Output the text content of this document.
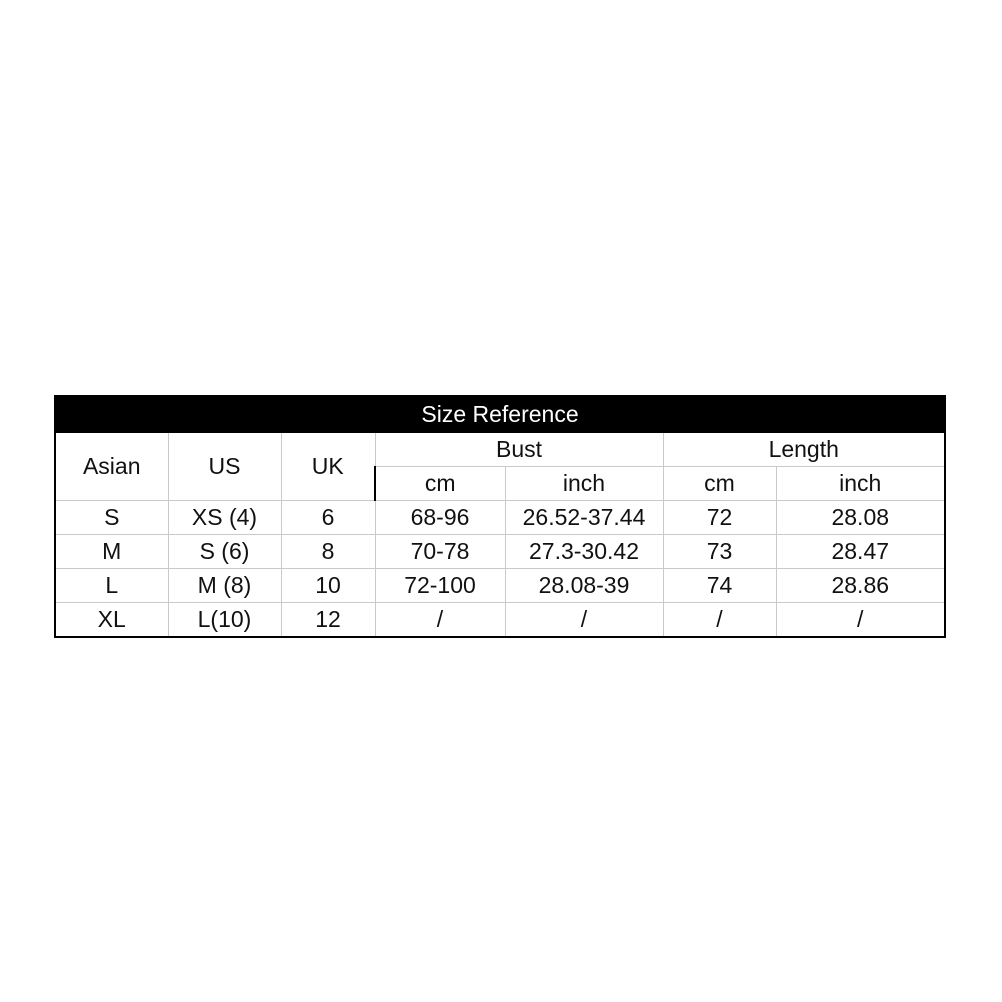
Size Reference						
Asian	US	UK	Bust		Length	
			cm	inch	cm	inch
S	XS (4)	6	68-96	26.52-37.44	72	28.08
M	S (6)	8	70-78	27.3-30.42	73	28.47
L	M (8)	10	72-100	28.08-39	74	28.86
XL	L(10)	12	/	/	/	/
